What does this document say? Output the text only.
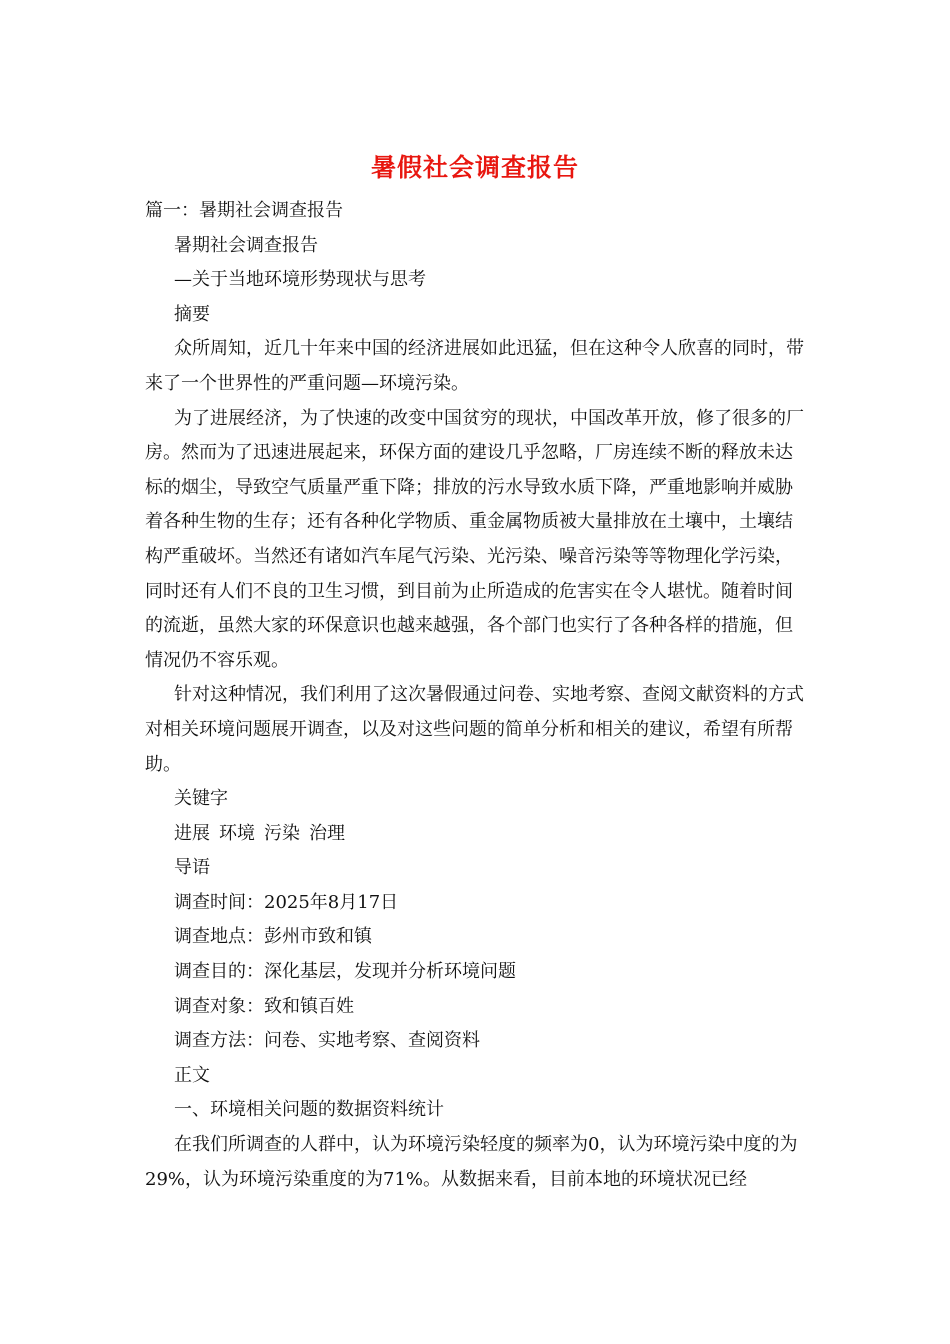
暑假社会调查报告

篇一：暑期社会调查报告

暑期社会调查报告

—关于当地环境形势现状与思考

摘要

众所周知，近几十年来中国的经济进展如此迅猛，但在这种令人欣喜的同时，带来了一个世界性的严重问题—环境污染。

为了进展经济，为了快速的改变中国贫穷的现状，中国改革开放，修了很多的厂房。然而为了迅速进展起来，环保方面的建设几乎忽略，厂房连续不断的释放未达标的烟尘，导致空气质量严重下降；排放的污水导致水质下降，严重地影响并威胁着各种生物的生存；还有各种化学物质、重金属物质被大量排放在土壤中，土壤结构严重破坏。当然还有诸如汽车尾气污染、光污染、噪音污染等等物理化学污染，同时还有人们不良的卫生习惯，到目前为止所造成的危害实在令人堪忧。随着时间的流逝，虽然大家的环保意识也越来越强，各个部门也实行了各种各样的措施，但情况仍不容乐观。

针对这种情况，我们利用了这次暑假通过问卷、实地考察、查阅文献资料的方式对相关环境问题展开调查，以及对这些问题的简单分析和相关的建议，希望有所帮助。

关键字

进展 环境 污染 治理

导语

调查时间：2025年8月17日

调查地点：彭州市致和镇

调查目的：深化基层，发现并分析环境问题

调查对象：致和镇百姓

调查方法：问卷、实地考察、查阅资料

正文

一、环境相关问题的数据资料统计

在我们所调查的人群中，认为环境污染轻度的频率为0，认为环境污染中度的为29%，认为环境污染重度的为71%。从数据来看，目前本地的环境状况已经
